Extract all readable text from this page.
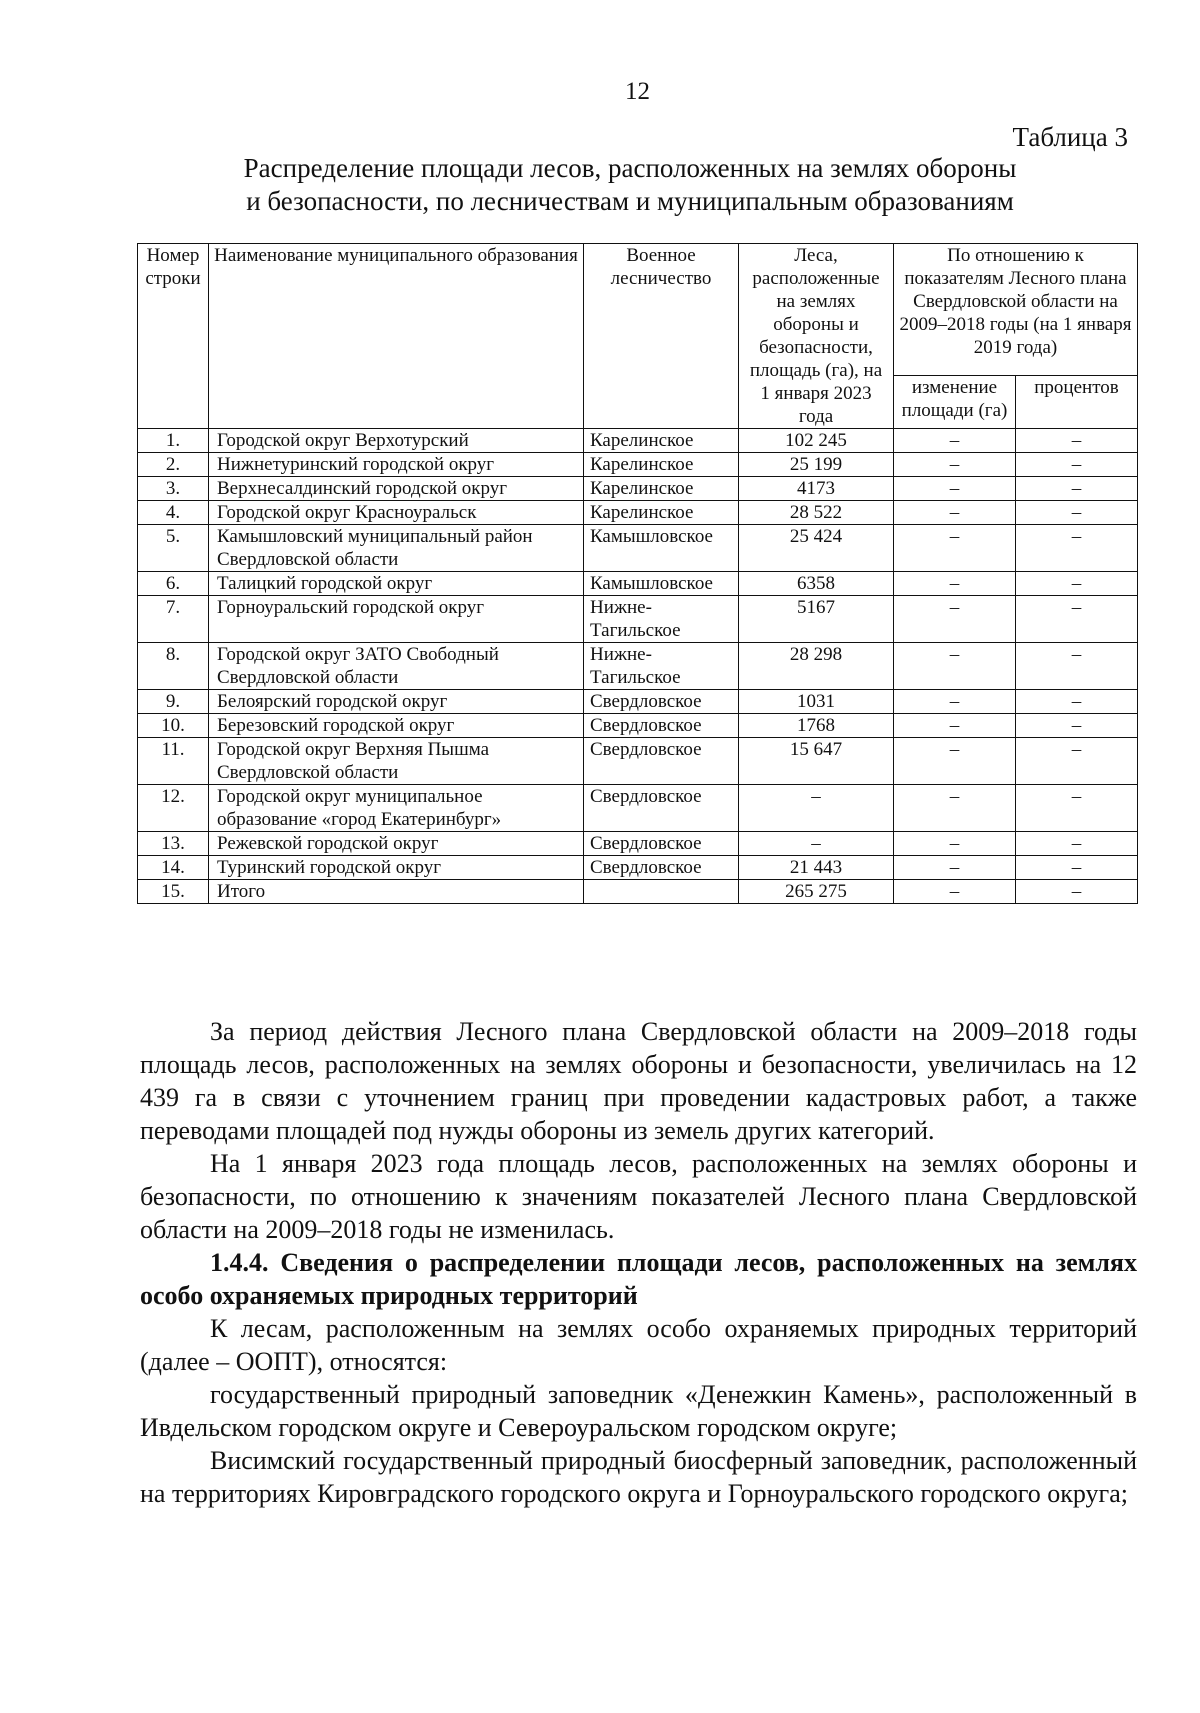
12
Таблица 3
Распределение площади лесов, расположенных на землях обороны
и безопасности, по лесничествам и муниципальным образованиям
Номер строки	Наименование муниципального образования	Военное лесничество	Леса, расположенные на землях обороны и безопасности, площадь (га), на 1 января 2023 года	По отношению к показателям Лесного плана Свердловской области на 2009–2018 годы (на 1 января 2019 года)	
				изменение площади (га)	процентов
1.	Городской округ Верхотурский	Карелинское	102 245	–	–
2.	Нижнетуринский городской округ	Карелинское	25 199	–	–
3.	Верхнесалдинский городской округ	Карелинское	4173	–	–
4.	Городской округ Красноуральск	Карелинское	28 522	–	–
5.	Камышловский муниципальный район Свердловской области	Камышловское	25 424	–	–
6.	Талицкий городской округ	Камышловское	6358	–	–
7.	Горноуральский городской округ	Нижне-Тагильское	5167	–	–
8.	Городской округ ЗАТО Свободный Свердловской области	Нижне-Тагильское	28 298	–	–
9.	Белоярский городской округ	Свердловское	1031	–	–
10.	Березовский городской округ	Свердловское	1768	–	–
11.	Городской округ Верхняя Пышма Свердловской области	Свердловское	15 647	–	–
12.	Городской округ муниципальное образование «город Екатеринбург»	Свердловское	–	–	–
13.	Режевской городской округ	Свердловское	–	–	–
14.	Туринский городской округ	Свердловское	21 443	–	–
15.	Итого		265 275	–	–

За период действия Лесного плана Свердловской области на 2009–2018 годы площадь лесов, расположенных на землях обороны и безопасности, увеличилась на 12 439 га в связи с уточнением границ при проведении кадастровых работ, а также переводами площадей под нужды обороны из земель других категорий.

На 1 января 2023 года площадь лесов, расположенных на землях обороны и безопасности, по отношению к значениям показателей Лесного плана Свердловской области на 2009–2018 годы не изменилась.

1.4.4. Сведения о распределении площади лесов, расположенных на землях особо охраняемых природных территорий

К лесам, расположенным на землях особо охраняемых природных территорий (далее – ООПТ), относятся:

государственный природный заповедник «Денежкин Камень», расположенный в Ивдельском городском округе и Североуральском городском округе;

Висимский государственный природный биосферный заповедник, расположенный на территориях Кировградского городского округа и Горноуральского городского округа;
